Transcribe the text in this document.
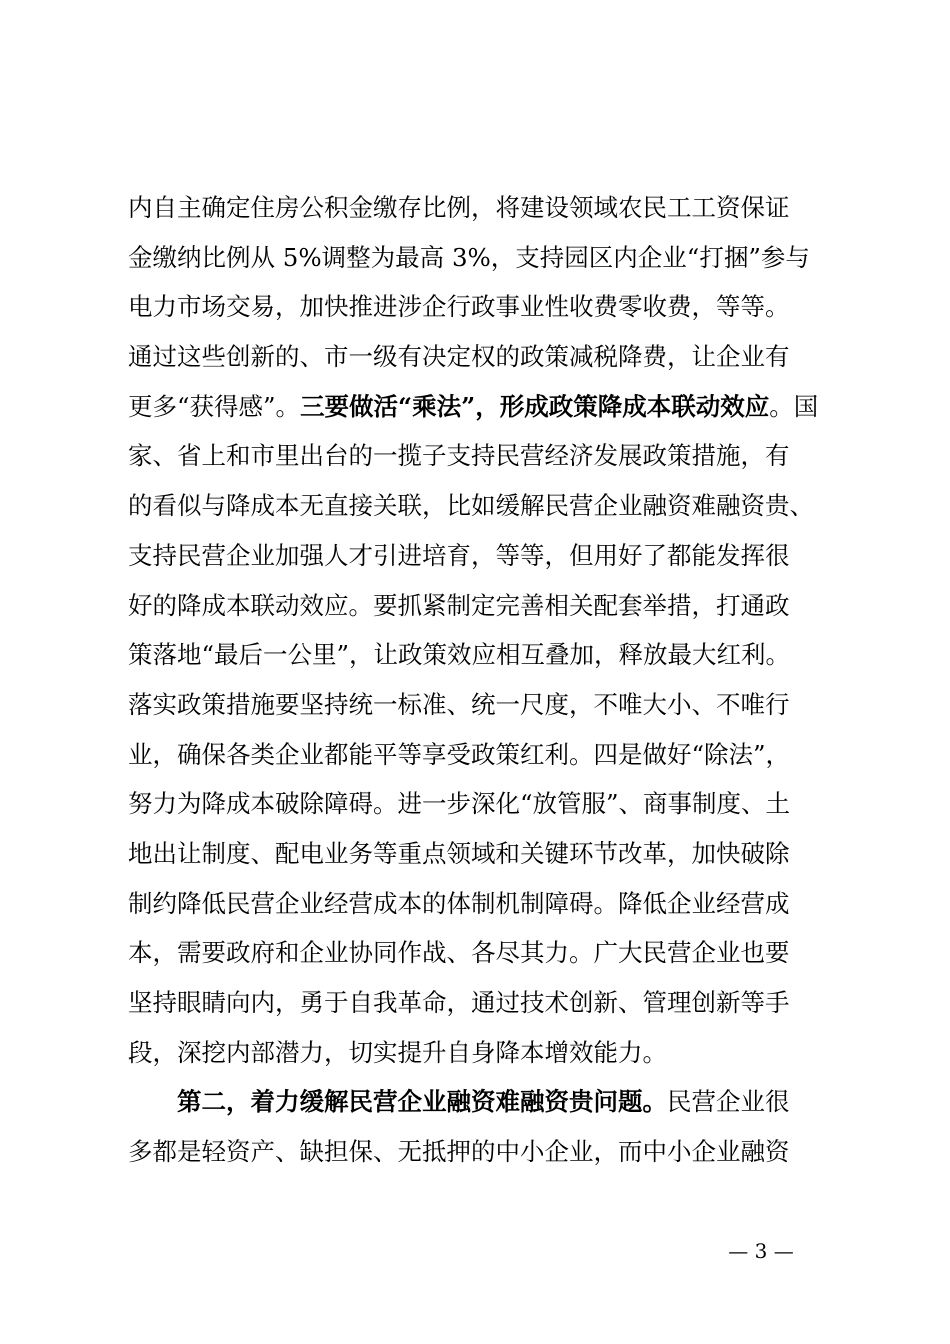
内自主确定住房公积金缴存比例，将建设领域农民工工资保证
金缴纳比例从 5%调整为最高 3%，支持园区内企业“打捆”参与
电力市场交易，加快推进涉企行政事业性收费零收费，等等。
通过这些创新的、市一级有决定权的政策减税降费，让企业有
更多“获得感”。三要做活“乘法”，形成政策降成本联动效应。国
家、省上和市里出台的一揽子支持民营经济发展政策措施，有
的看似与降成本无直接关联，比如缓解民营企业融资难融资贵、
支持民营企业加强人才引进培育，等等，但用好了都能发挥很
好的降成本联动效应。要抓紧制定完善相关配套举措，打通政
策落地“最后一公里”，让政策效应相互叠加，释放最大红利。
落实政策措施要坚持统一标准、统一尺度，不唯大小、不唯行
业，确保各类企业都能平等享受政策红利。四是做好“除法”，
努力为降成本破除障碍。进一步深化“放管服”、商事制度、土
地出让制度、配电业务等重点领域和关键环节改革，加快破除
制约降低民营企业经营成本的体制机制障碍。降低企业经营成
本，需要政府和企业协同作战、各尽其力。广大民营企业也要
坚持眼睛向内，勇于自我革命，通过技术创新、管理创新等手
段，深挖内部潜力，切实提升自身降本增效能力。
第二，着力缓解民营企业融资难融资贵问题。民营企业很
多都是轻资产、缺担保、无抵押的中小企业，而中小企业融资
— 3 —
